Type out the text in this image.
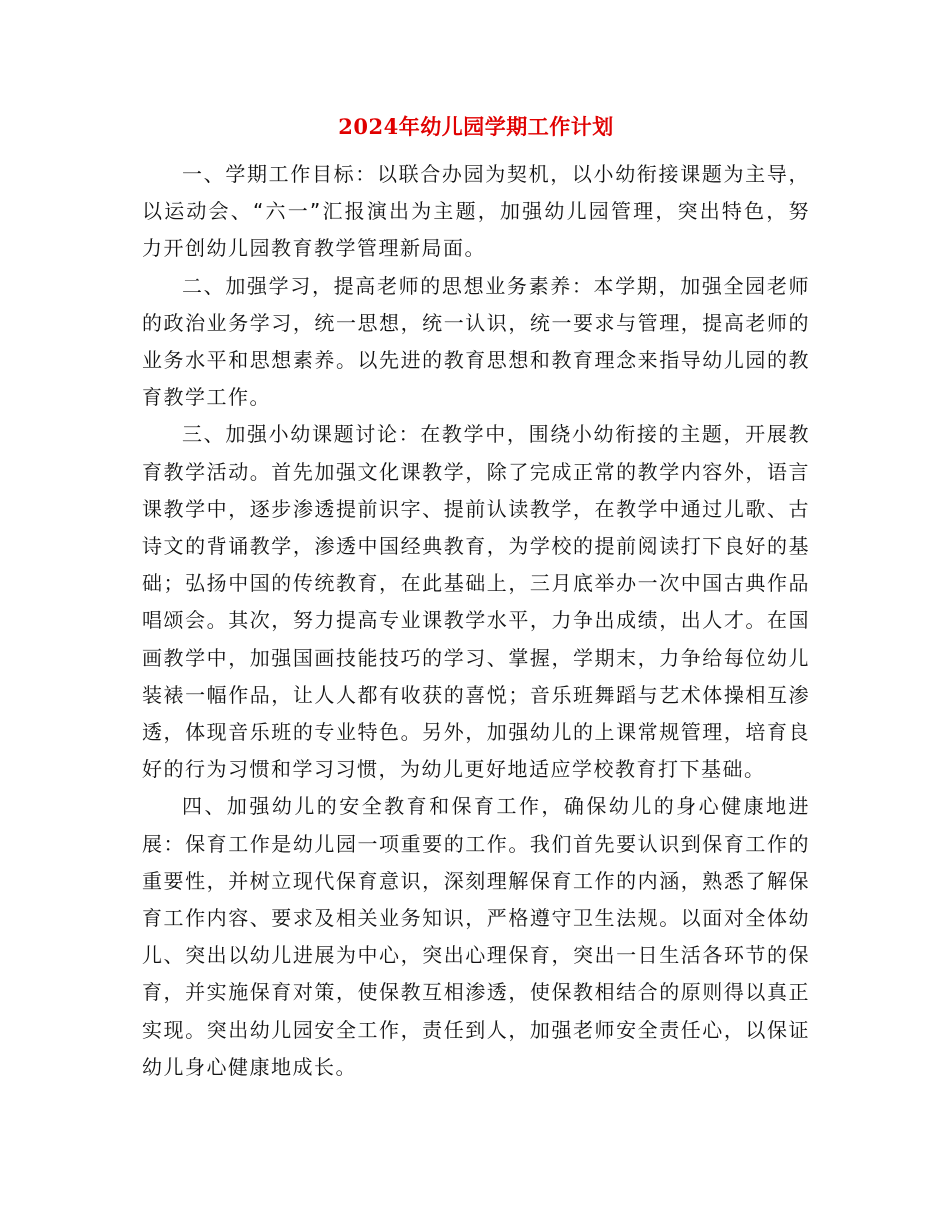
2024年幼儿园学期工作计划

一、学期工作目标：以联合办园为契机，以小幼衔接课题为主导，以运动会、“六一”汇报演出为主题，加强幼儿园管理，突出特色，努力开创幼儿园教育教学管理新局面。

二、加强学习，提高老师的思想业务素养：本学期，加强全园老师的政治业务学习，统一思想，统一认识，统一要求与管理，提高老师的业务水平和思想素养。以先进的教育思想和教育理念来指导幼儿园的教育教学工作。

三、加强小幼课题讨论：在教学中，围绕小幼衔接的主题，开展教育教学活动。首先加强文化课教学，除了完成正常的教学内容外，语言课教学中，逐步渗透提前识字、提前认读教学，在教学中通过儿歌、古诗文的背诵教学，渗透中国经典教育，为学校的提前阅读打下良好的基础；弘扬中国的传统教育，在此基础上，三月底举办一次中国古典作品唱颂会。其次，努力提高专业课教学水平，力争出成绩，出人才。在国画教学中，加强国画技能技巧的学习、掌握，学期末，力争给每位幼儿装裱一幅作品，让人人都有收获的喜悦；音乐班舞蹈与艺术体操相互渗透，体现音乐班的专业特色。另外，加强幼儿的上课常规管理，培育良好的行为习惯和学习习惯，为幼儿更好地适应学校教育打下基础。

四、加强幼儿的安全教育和保育工作，确保幼儿的身心健康地进展：保育工作是幼儿园一项重要的工作。我们首先要认识到保育工作的重要性，并树立现代保育意识，深刻理解保育工作的内涵，熟悉了解保育工作内容、要求及相关业务知识，严格遵守卫生法规。以面对全体幼儿、突出以幼儿进展为中心，突出心理保育，突出一日生活各环节的保育，并实施保育对策，使保教互相渗透，使保教相结合的原则得以真正实现。突出幼儿园安全工作，责任到人，加强老师安全责任心，以保证幼儿身心健康地成长。
